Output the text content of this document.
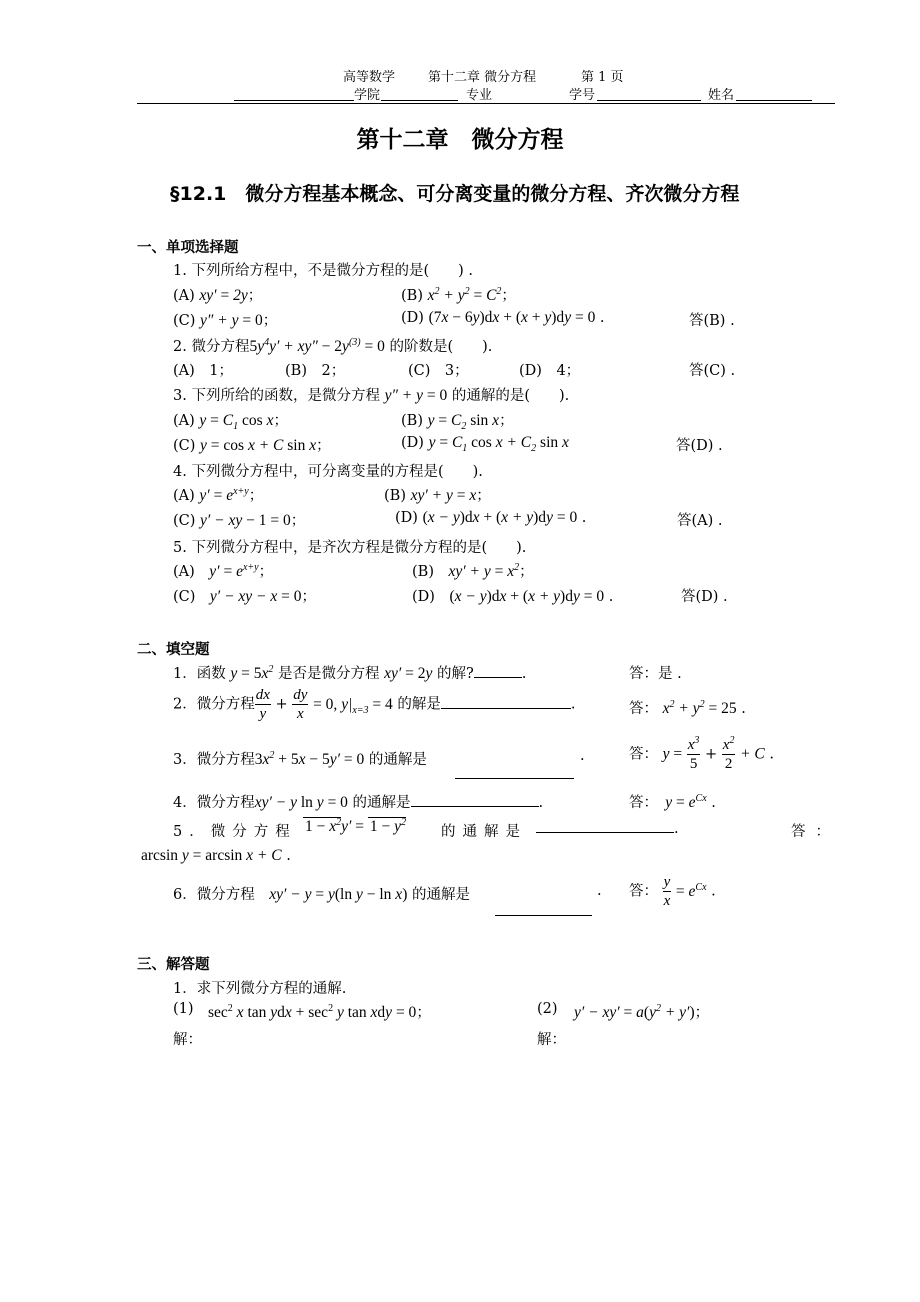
高等数学	第十二章 微分方程	第 1 页
学院	专业	学号	姓名
第十二章　微分方程
§12.1　微分方程基本概念、可分离变量的微分方程、齐次微分方程
一、单项选择题
1. 下列所给方程中，不是微分方程的是(　　) .
(A) xy′ = 2y；	(B) $x^2 + y^2 = C^2$；
(C) y″ + y = 0；	(D) (7x − 6y)dx + (x + y)dy = 0 .	答(B) .
2. 微分方程$5y^4y' + xy'' - 2y^{(3)} = 0$ 的阶数是(　　).
(A)　1；	(B)　2；	(C)　3；	(D)　4；	答(C) .
3. 下列所给的函数，是微分方程 y″ + y = 0 的通解的是(　　).
(A) $y = C_1$ cos x；	(B) $y = C_2$ sin x；
(C) y = cos x + C sin x；	(D) $y = C_1$ $\cos x + C_2$ sin x	答(D) .
4. 下列微分方程中，可分离变量的方程是(　　).
(A) $y' = e^{x+y}$；	(B) xy′ + y = x；
(C) y′ − xy − 1 = 0；	(D) (x − y)dx + (x + y)dy = 0 .	答(A) .
5. 下列微分方程中，是齐次方程是微分方程的是(　　).
(A)　$y' = e^{x+y}$；	(B)　$xy' + y = x^2$；
(C)　y′ − xy − x = 0；	(D)　(x − y)dx + (x + y)dy = 0 .	答(D) .
二、填空题
1．函数 $y = 5x^2$ 是否是微分方程 xy′ = 2y 的解?	.	答：是 .
2．微分方程 $\frac{dx}{y} + \frac{dy}{x} = 0$, $y|_{x=3} = 4$ 的解是	.	答： $x^2 + y^2 = 25$ .
3．微分方程$3x^2 + 5x - 5y' = 0$ 的通解是	.	答： $y = \frac{x^3}{5} + \frac{x^2}{2} + C$ .
4．微分方程xy′ − y ln y = 0 的通解是	.	答：　 $y = e^{Cx}$ .
5．微分方程 $1 - x^2y' = 1 - y^2$
的通解是	.	答：
arcsin y = arcsin x + C .
6．微分方程　 xy′ − y = y(ln y − ln x) 的通解是	. 答： $\frac{y}{x} = e^{Cx}$ .
三、解答题
1．求下列微分方程的通解.
(1) $\sec^2 x$ tan ydx + $\sec^2 y$ tan xdy = 0；	(2) $y' - xy' = a(y^2 + y')$；
解：	解：
